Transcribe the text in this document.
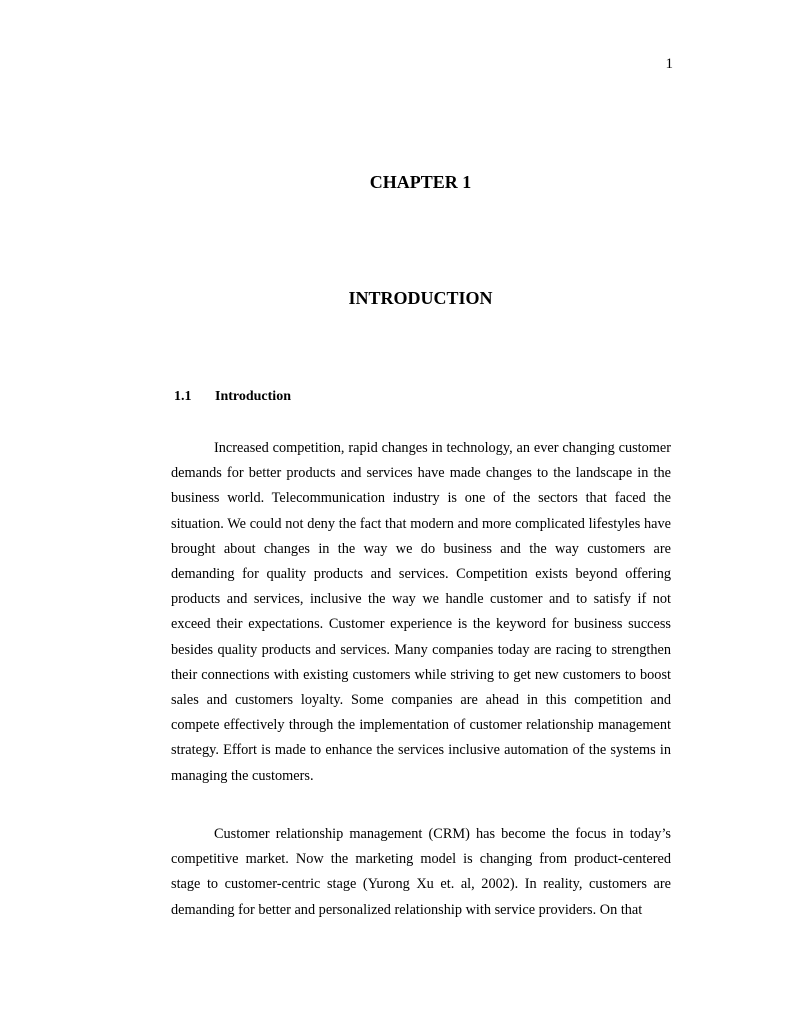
1
CHAPTER 1
INTRODUCTION
1.1 Introduction

Increased competition, rapid changes in technology, an ever changing customer demands for better products and services have made changes to the landscape in the business world. Telecommunication industry is one of the sectors that faced the situation. We could not deny the fact that modern and more complicated lifestyles have brought about changes in the way we do business and the way customers are demanding for quality products and services. Competition exists beyond offering products and services, inclusive the way we handle customer and to satisfy if not exceed their expectations. Customer experience is the keyword for business success besides quality products and services. Many companies today are racing to strengthen their connections with existing customers while striving to get new customers to boost sales and customers loyalty. Some companies are ahead in this competition and compete effectively through the implementation of customer relationship management strategy. Effort is made to enhance the services inclusive automation of the systems in managing the customers.

Customer relationship management (CRM) has become the focus in today’s competitive market. Now the marketing model is changing from product-centered stage to customer-centric stage (Yurong Xu et. al, 2002). In reality, customers are demanding for better and personalized relationship with service providers. On that
